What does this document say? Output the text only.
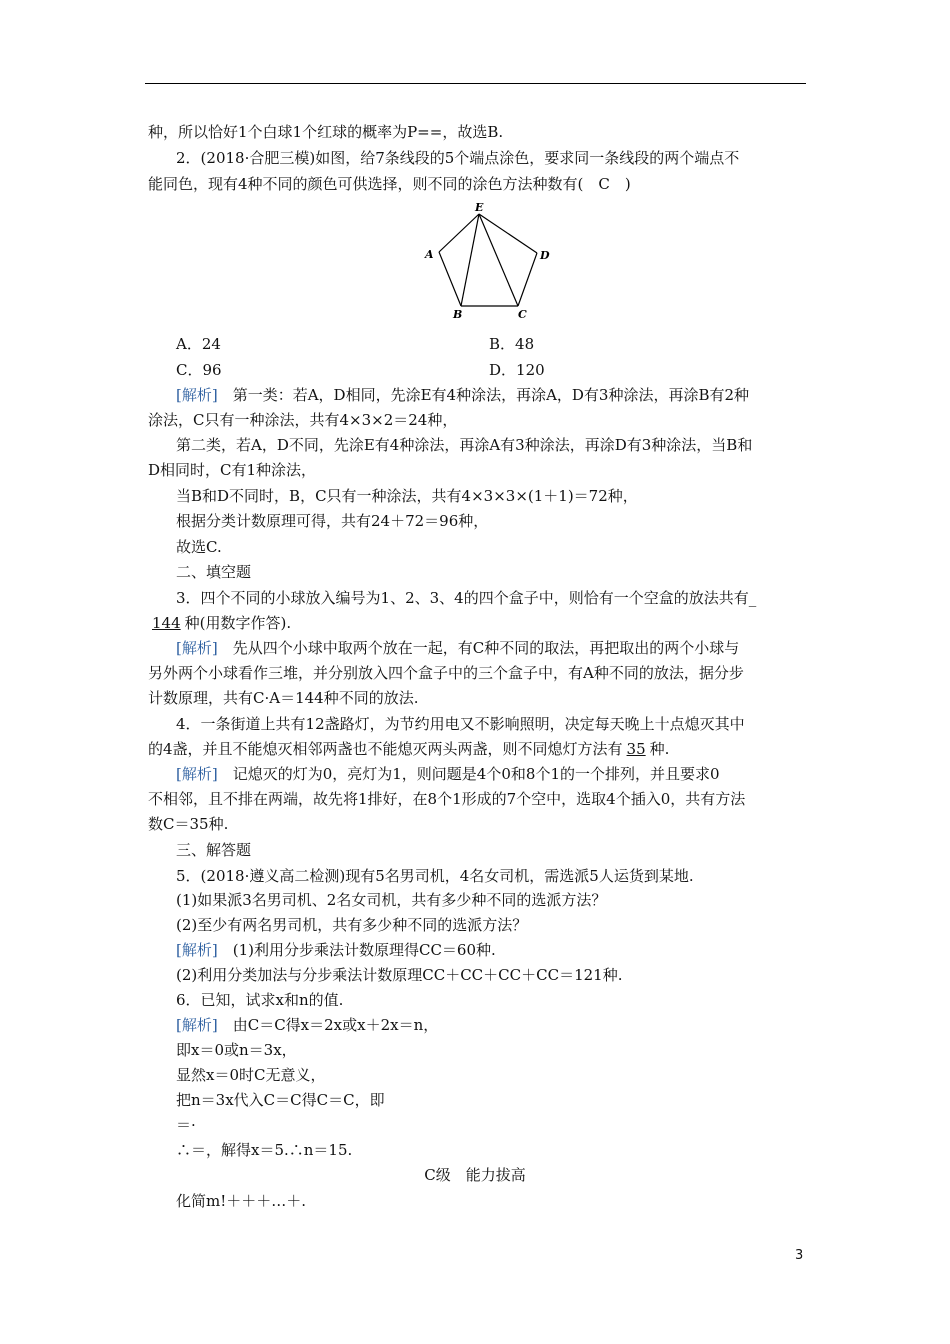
种，所以恰好1个白球1个红球的概率为P==，故选B.
2．(2018·合肥三模)如图，给7条线段的5个端点涂色，要求同一条线段的两个端点不
能同色，现有4种不同的颜色可供选择，则不同的涂色方法种数有(　C　)
E
A	D
B	C
A．24	B．48
C．96	D．120
[解析]　第一类：若A，D相同，先涂E有4种涂法，再涂A，D有3种涂法，再涂B有2种
涂法，C只有一种涂法，共有4×3×2＝24种，
第二类，若A，D不同，先涂E有4种涂法，再涂A有3种涂法，再涂D有3种涂法，当B和
D相同时，C有1种涂法，
当B和D不同时，B，C只有一种涂法，共有4×3×3×(1＋1)＝72种，
根据分类计数原理可得，共有24＋72＝96种，
故选C.
二、填空题
3．四个不同的小球放入编号为1、2、3、4的四个盒子中，则恰有一个空盒的放法共有_
144 种(用数字作答).
[解析]　先从四个小球中取两个放在一起，有C种不同的取法，再把取出的两个小球与
另外两个小球看作三堆，并分别放入四个盒子中的三个盒子中，有A种不同的放法，据分步
计数原理，共有C·A＝144种不同的放法.
4．一条街道上共有12盏路灯，为节约用电又不影响照明，决定每天晚上十点熄灭其中
的4盏，并且不能熄灭相邻两盏也不能熄灭两头两盏，则不同熄灯方法有 35 种.
[解析]　记熄灭的灯为0，亮灯为1，则问题是4个0和8个1的一个排列，并且要求0
不相邻，且不排在两端，故先将1排好，在8个1形成的7个空中，选取4个插入0，共有方法
数C＝35种.
三、解答题
5．(2018·遵义高二检测)现有5名男司机，4名女司机，需选派5人运货到某地.
(1)如果派3名男司机、2名女司机，共有多少种不同的选派方法？
(2)至少有两名男司机，共有多少种不同的选派方法？
[解析]　(1)利用分步乘法计数原理得CC＝60种.
(2)利用分类加法与分步乘法计数原理CC＋CC＋CC＋CC＝121种.
6．已知，试求x和n的值.
[解析]　由C＝C得x＝2x或x＋2x＝n，
即x＝0或n＝3x，
显然x＝0时C无意义，
把n＝3x代入C＝C得C＝C，即
＝·
∴＝，解得x＝5.∴n＝15.
C级　能力拔高
化简m!＋＋＋…＋.
3
